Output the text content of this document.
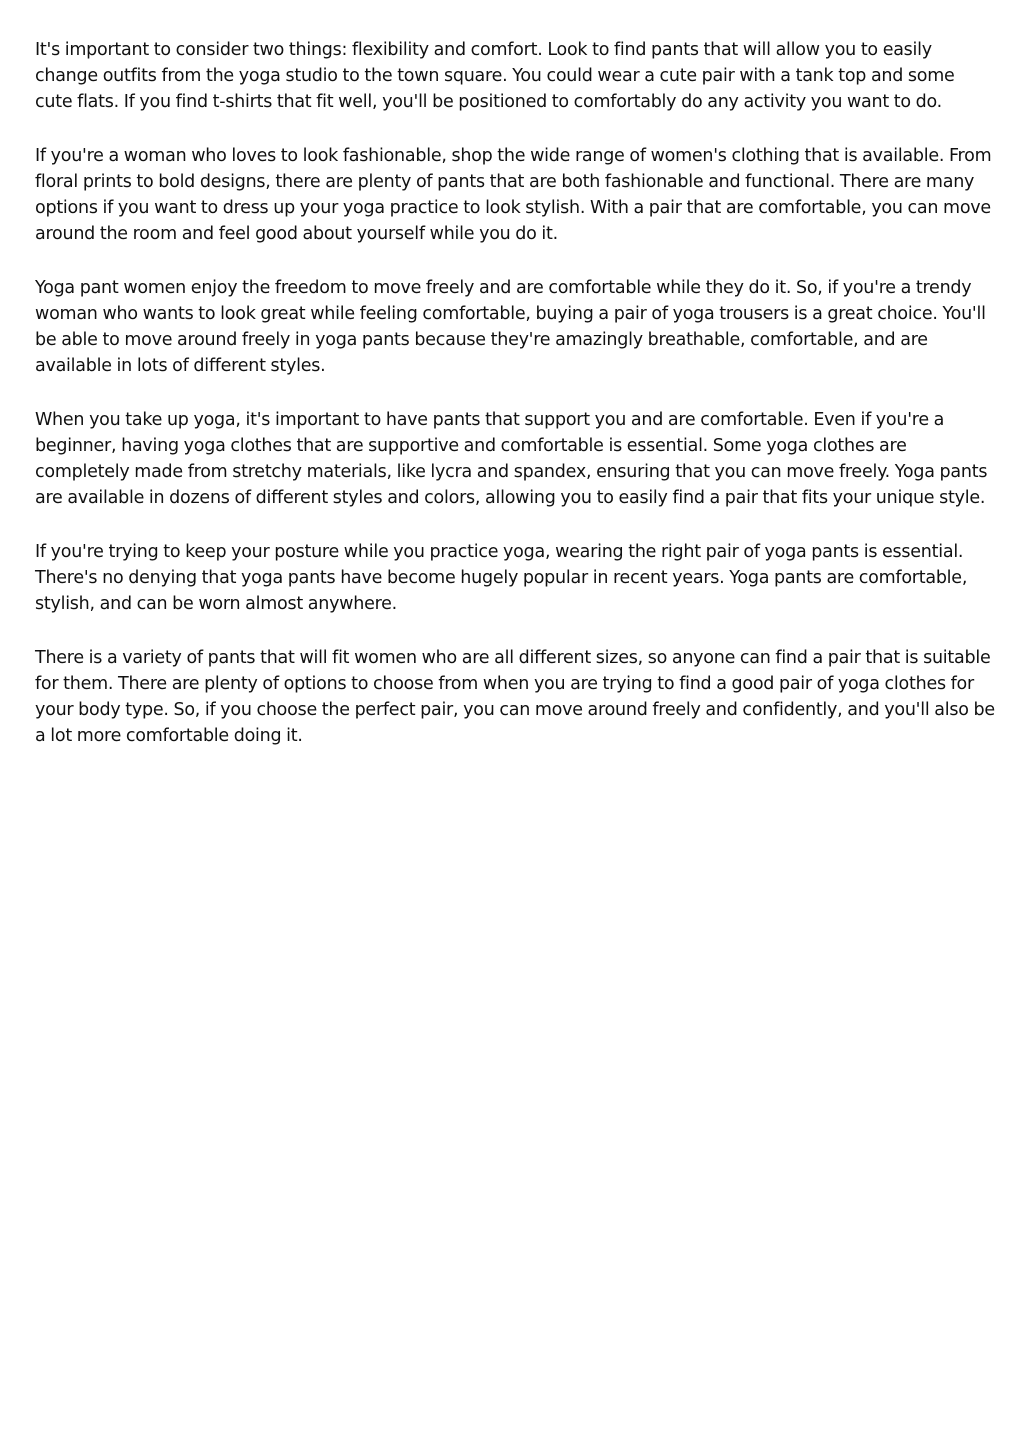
It's important to consider two things: flexibility and comfort. Look to find pants that will allow you to easily change outfits from the yoga studio to the town square. You could wear a cute pair with a tank top and some cute flats. If you find t-shirts that fit well, you'll be positioned to comfortably do any activity you want to do.

If you're a woman who loves to look fashionable, shop the wide range of women's clothing that is available. From floral prints to bold designs, there are plenty of pants that are both fashionable and functional. There are many options if you want to dress up your yoga practice to look stylish. With a pair that are comfortable, you can move around the room and feel good about yourself while you do it.

Yoga pant women enjoy the freedom to move freely and are comfortable while they do it. So, if you're a trendy woman who wants to look great while feeling comfortable, buying a pair of yoga trousers is a great choice. You'll be able to move around freely in yoga pants because they're amazingly breathable, comfortable, and are available in lots of different styles.

When you take up yoga, it's important to have pants that support you and are comfortable. Even if you're a beginner, having yoga clothes that are supportive and comfortable is essential. Some yoga clothes are completely made from stretchy materials, like lycra and spandex, ensuring that you can move freely. Yoga pants are available in dozens of different styles and colors, allowing you to easily find a pair that fits your unique style.

If you're trying to keep your posture while you practice yoga, wearing the right pair of yoga pants is essential. There's no denying that yoga pants have become hugely popular in recent years. Yoga pants are comfortable, stylish, and can be worn almost anywhere.

There is a variety of pants that will fit women who are all different sizes, so anyone can find a pair that is suitable for them. There are plenty of options to choose from when you are trying to find a good pair of yoga clothes for your body type. So, if you choose the perfect pair, you can move around freely and confidently, and you'll also be a lot more comfortable doing it.
